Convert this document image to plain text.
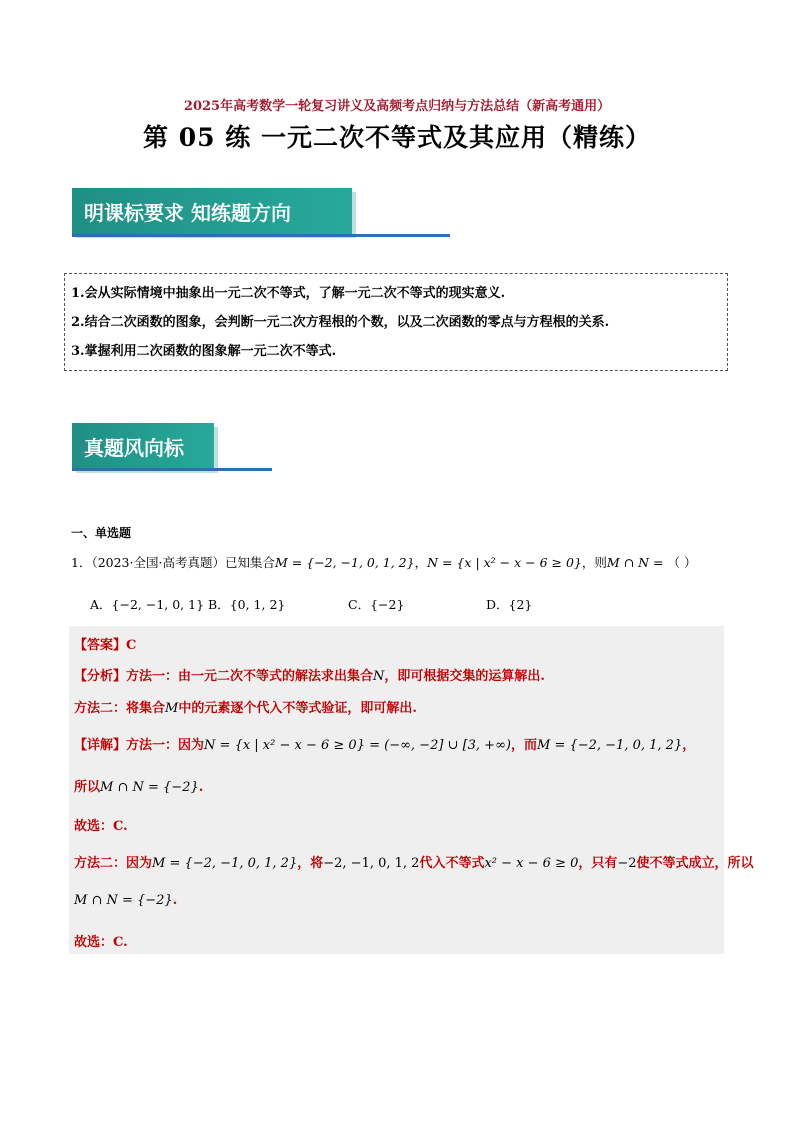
2025年高考数学一轮复习讲义及高频考点归纳与方法总结（新高考通用）
第 05 练 一元二次不等式及其应用（精练）
明课标要求 知练题方向

1.会从实际情境中抽象出一元二次不等式，了解一元二次不等式的现实意义.

2.结合二次函数的图象，会判断一元二次方程根的个数，以及二次函数的零点与方程根的关系.

3.掌握利用二次函数的图象解一元二次不等式.

真题风向标
一、单选题
1．（2023·全国·高考真题）已知集合M = {−2, −1, 0, 1, 2}，N = {x | x² − x − 6 ≥ 0}，则M ∩ N = （ ）
A．{−2, −1, 0, 1} B．{0, 1, 2}	C．{−2}	D．{2}
【答案】C
【分析】方法一：由一元二次不等式的解法求出集合N，即可根据交集的运算解出.
方法二：将集合M中的元素逐个代入不等式验证，即可解出.
【详解】方法一：因为N = {x | x² − x − 6 ≥ 0} = (−∞, −2] ∪ [3, +∞)，而M = {−2, −1, 0, 1, 2}，
所以M ∩ N = {−2}.
故选：C.
方法二：因为M = {−2, −1, 0, 1, 2}，将−2, −1, 0, 1, 2代入不等式x² − x − 6 ≥ 0，只有−2使不等式成立，所以
M ∩ N = {−2}.
故选：C.
